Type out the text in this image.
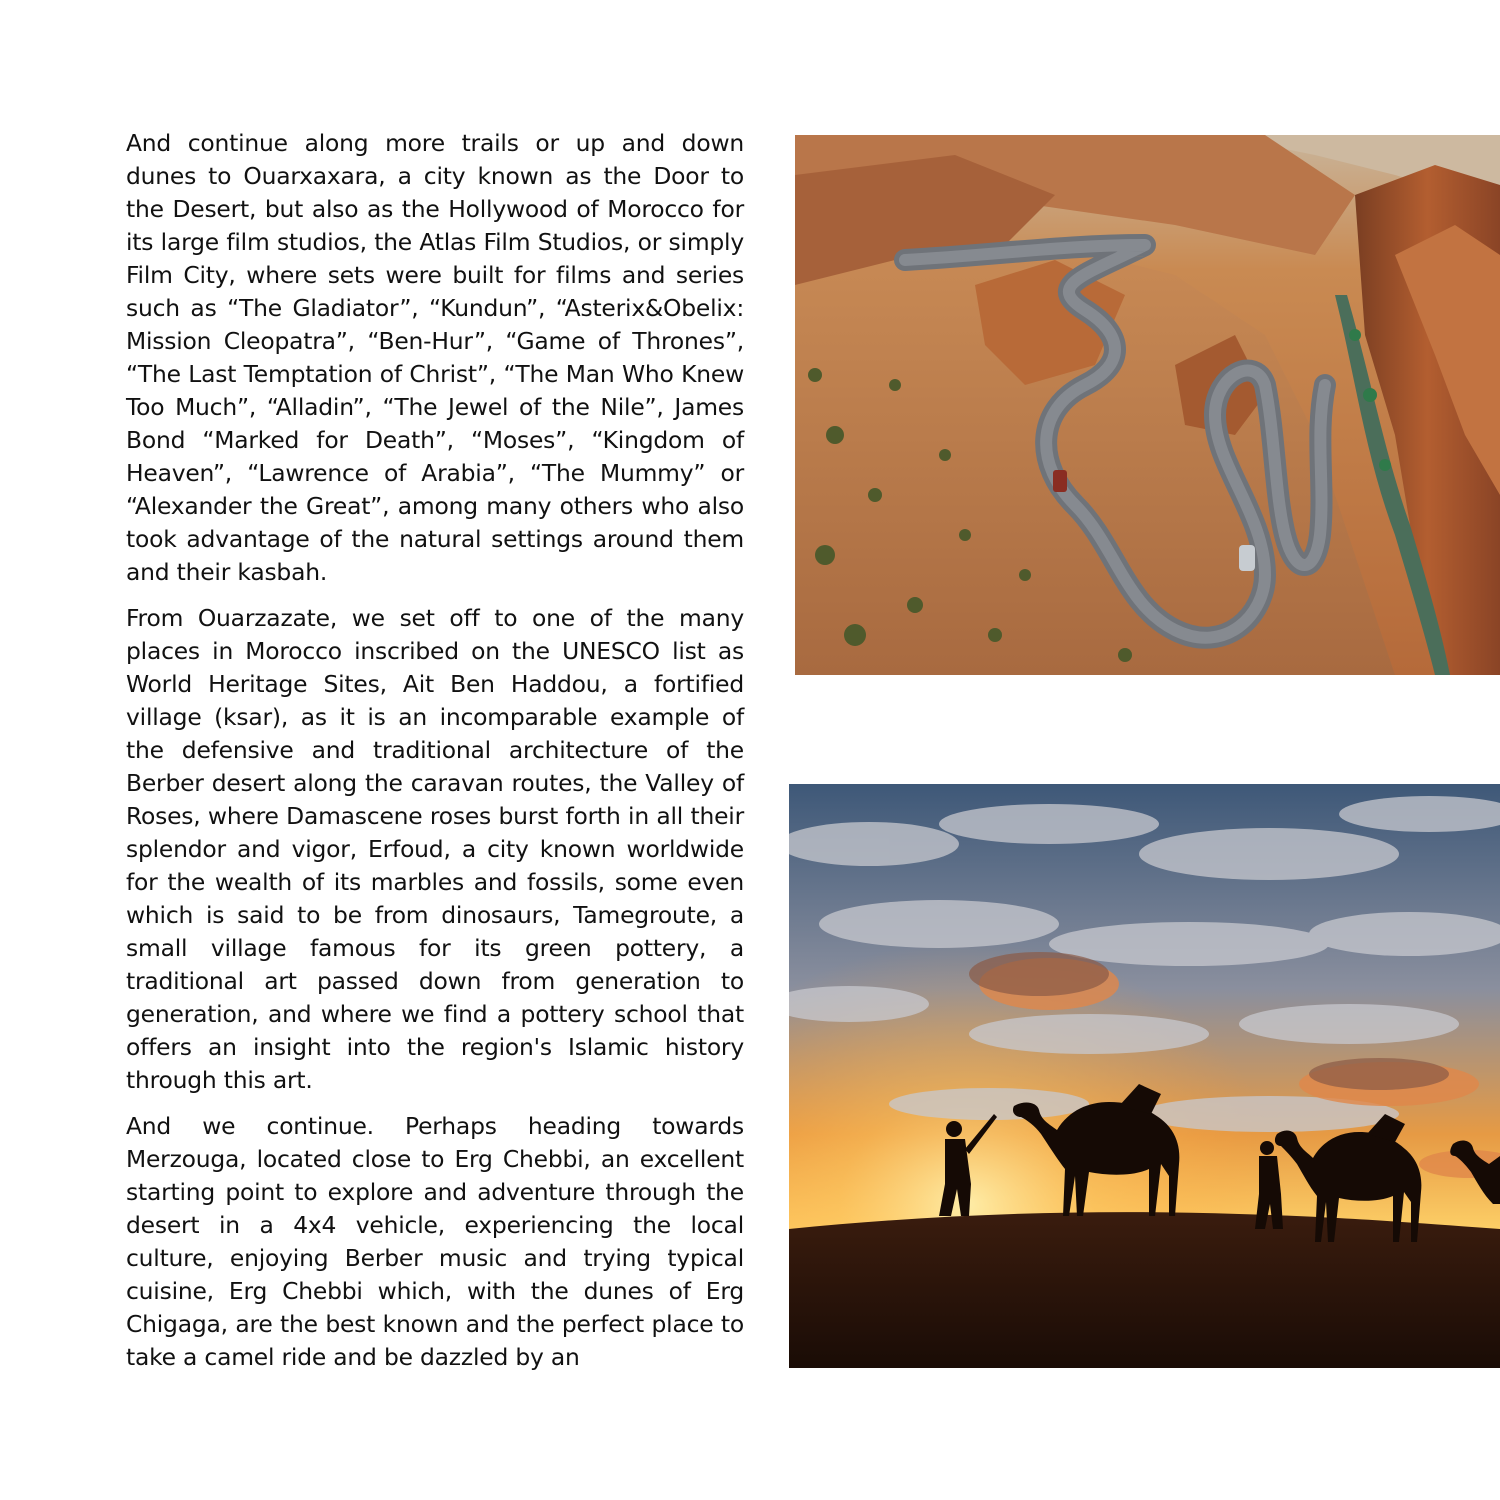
And continue along more trails or up and down dunes to Ouarxaxara, a city known as the Door to the Desert, but also as the Hollywood of Morocco for its large film studios, the Atlas Film Studios, or simply Film City, where sets were built for films and series such as “The Gladiator”, “Kundun”, “Asterix&Obelix: Mission Cleopatra”, “Ben-Hur”, “Game of Thrones”, “The Last Temptation of Christ”, “The Man Who Knew Too Much”, “Alladin”, “The Jewel of the Nile”, James Bond “Marked for Death”, “Moses”, “Kingdom of Heaven”, “Lawrence of Arabia”, “The Mummy” or “Alexander the Great”, among many others who also took advantage of the natural settings around them and their kasbah.

From Ouarzazate, we set off to one of the many places in Morocco inscribed on the UNESCO list as World Heritage Sites, Ait Ben Haddou, a fortified village (ksar), as it is an incomparable example of the defensive and traditional architecture of the Berber desert along the caravan routes, the Valley of Roses, where Damascene roses burst forth in all their splendor and vigor, Erfoud, a city known worldwide for the wealth of its marbles and fossils, some even which is said to be from dinosaurs, Tamegroute, a small village famous for its green pottery, a traditional art passed down from generation to generation, and where we find a pottery school that offers an insight into the region's Islamic history through this art.

And we continue. Perhaps heading towards Merzouga, located close to Erg Chebbi, an excellent starting point to explore and adventure through the desert in a 4x4 vehicle, experiencing the local culture, enjoying Berber music and trying typical cuisine, Erg Chebbi which, with the dunes of Erg Chigaga, are the best known and the perfect place to take a camel ride and be dazzled by an
